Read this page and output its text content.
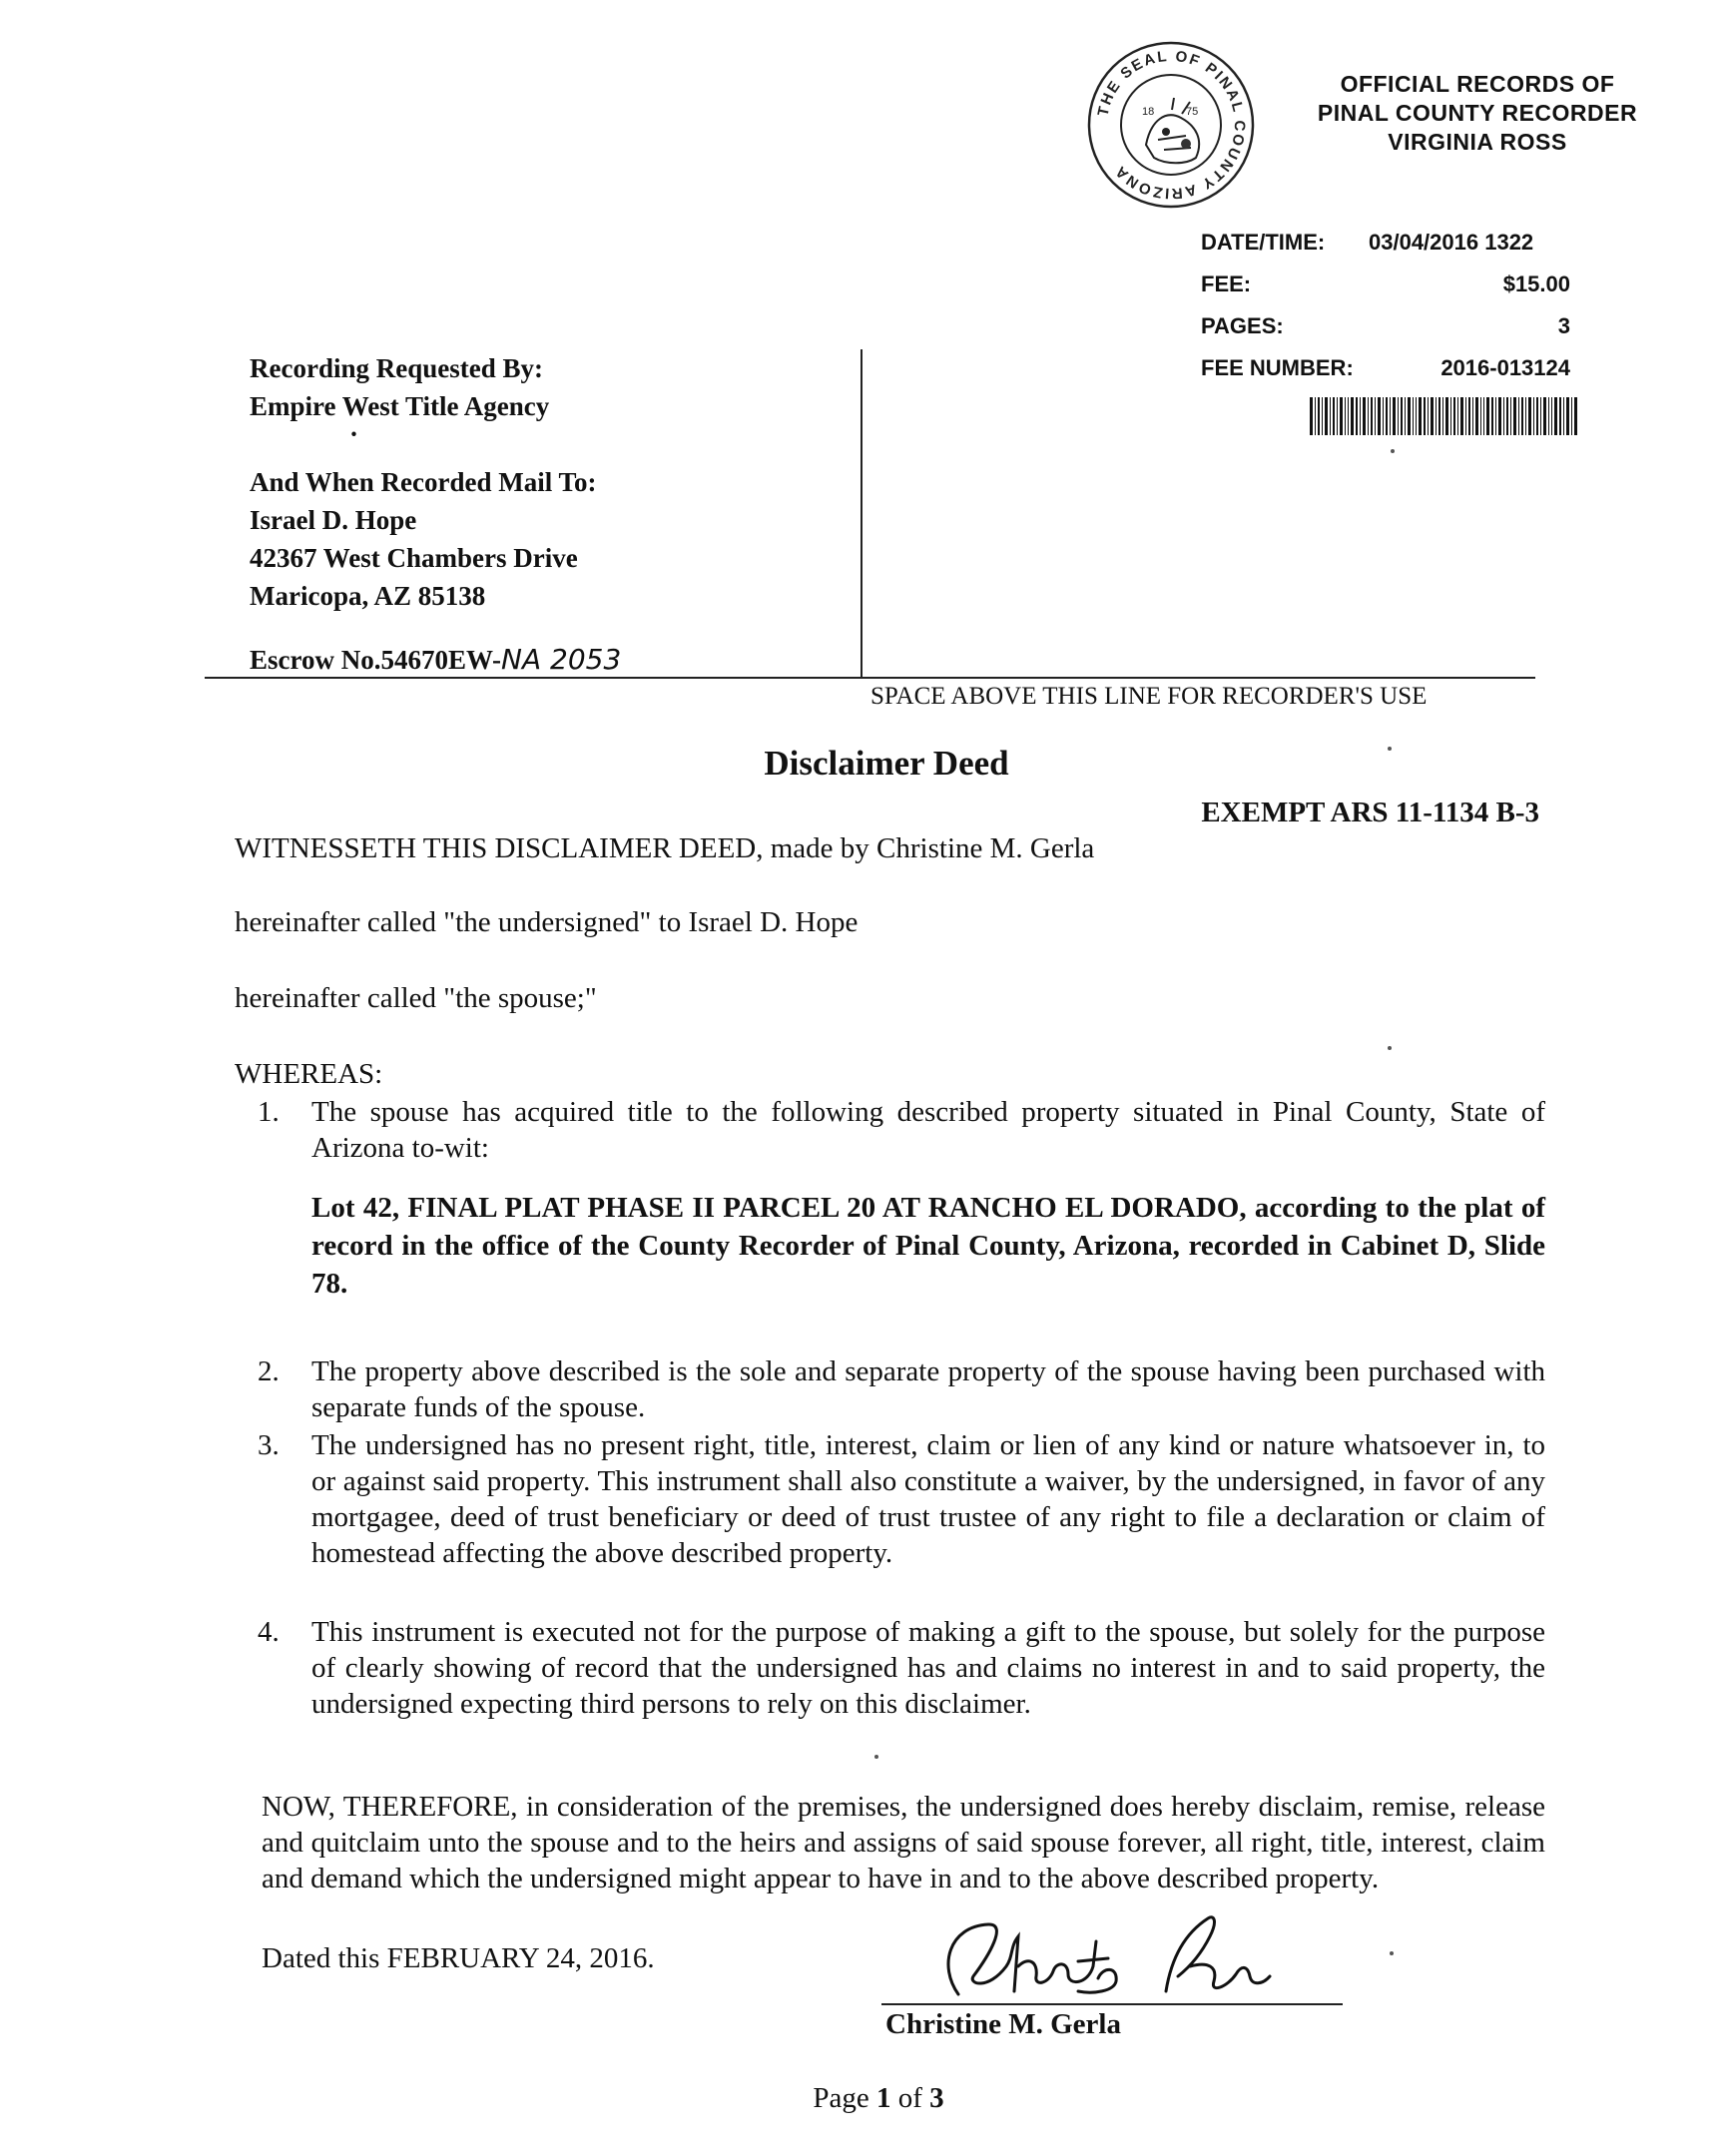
THE SEAL OF PINAL COUNTY ARIZONA
18	75
OFFICIAL RECORDS OF
PINAL COUNTY RECORDER
VIRGINIA ROSS
DATE/TIME: 03/04/2016 1322
FEE:	$15.00
PAGES:	3
FEE NUMBER:	2016-013124
Recording Requested By:
Empire West Title Agency
·
And When Recorded Mail To:
Israel D. Hope
42367 West Chambers Drive
Maricopa, AZ 85138
Escrow No.54670EW-NA 2053
SPACE ABOVE THIS LINE FOR RECORDER'S USE
Disclaimer Deed
EXEMPT ARS 11-1134 B-3
WITNESSETH THIS DISCLAIMER DEED, made by Christine M. Gerla
hereinafter called "the undersigned" to Israel D. Hope
hereinafter called "the spouse;"
WHEREAS:
1. The spouse has acquired title to the following described property situated in Pinal County, State of Arizona to-wit:
Lot 42, FINAL PLAT PHASE II PARCEL 20 AT RANCHO EL DORADO, according to the plat of record in the office of the County Recorder of Pinal County, Arizona, recorded in Cabinet D, Slide 78.
2. The property above described is the sole and separate property of the spouse having been purchased with separate funds of the spouse.
3. The undersigned has no present right, title, interest, claim or lien of any kind or nature whatsoever in, to or against said property. This instrument shall also constitute a waiver, by the undersigned, in favor of any mortgagee, deed of trust beneficiary or deed of trust trustee of any right to file a declaration or claim of homestead affecting the above described property.
4. This instrument is executed not for the purpose of making a gift to the spouse, but solely for the purpose of clearly showing of record that the undersigned has and claims no interest in and to said property, the undersigned expecting third persons to rely on this disclaimer.
NOW, THEREFORE, in consideration of the premises, the undersigned does hereby disclaim, remise, release and quitclaim unto the spouse and to the heirs and assigns of said spouse forever, all right, title, interest, claim and demand which the undersigned might appear to have in and to the above described property.
Dated this FEBRUARY 24, 2016.
Christine M. Gerla
Page 1 of 3
